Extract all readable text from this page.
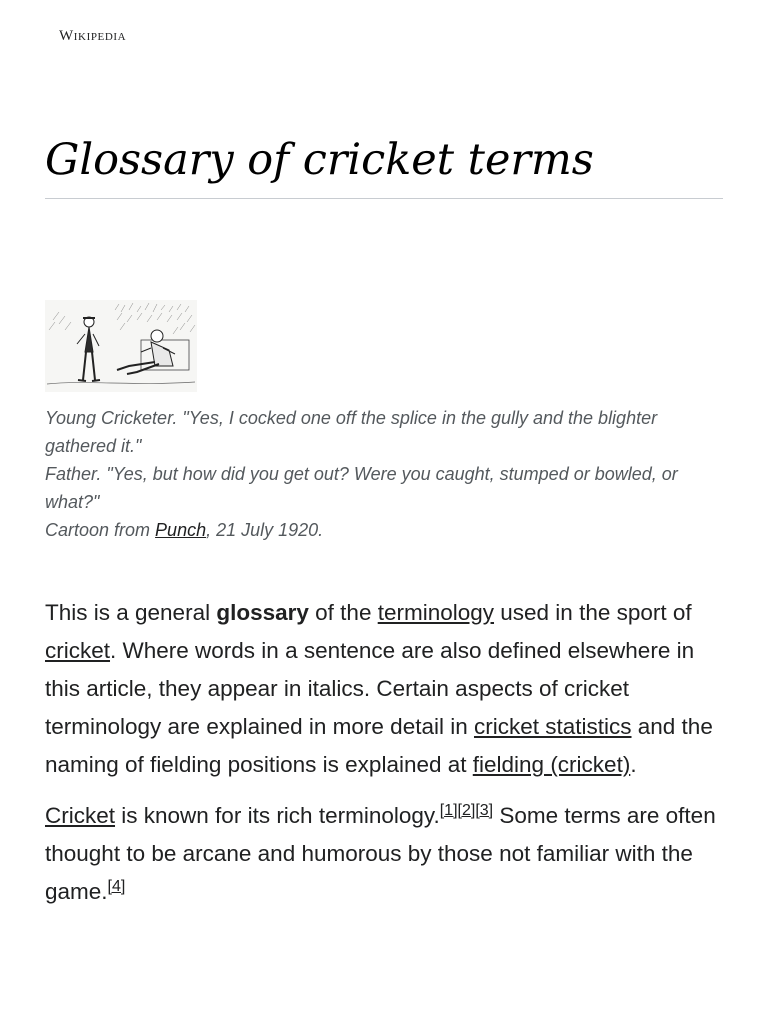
Wikipedia
Glossary of cricket terms
Young Cricketer. "Yes, I cocked one off the splice in the gully and the blighter gathered it."
Father. "Yes, but how did you get out? Were you caught, stumped or bowled, or what?"
Cartoon from Punch, 21 July 1920.

This is a general glossary of the terminology used in the sport of cricket. Where words in a sentence are also defined elsewhere in this article, they appear in italics. Certain aspects of cricket terminology are explained in more detail in cricket statistics and the naming of fielding positions is explained at fielding (cricket).

Cricket is known for its rich terminology.[1][2][3] Some terms are often thought to be arcane and humorous by those not familiar with the game.[4]
